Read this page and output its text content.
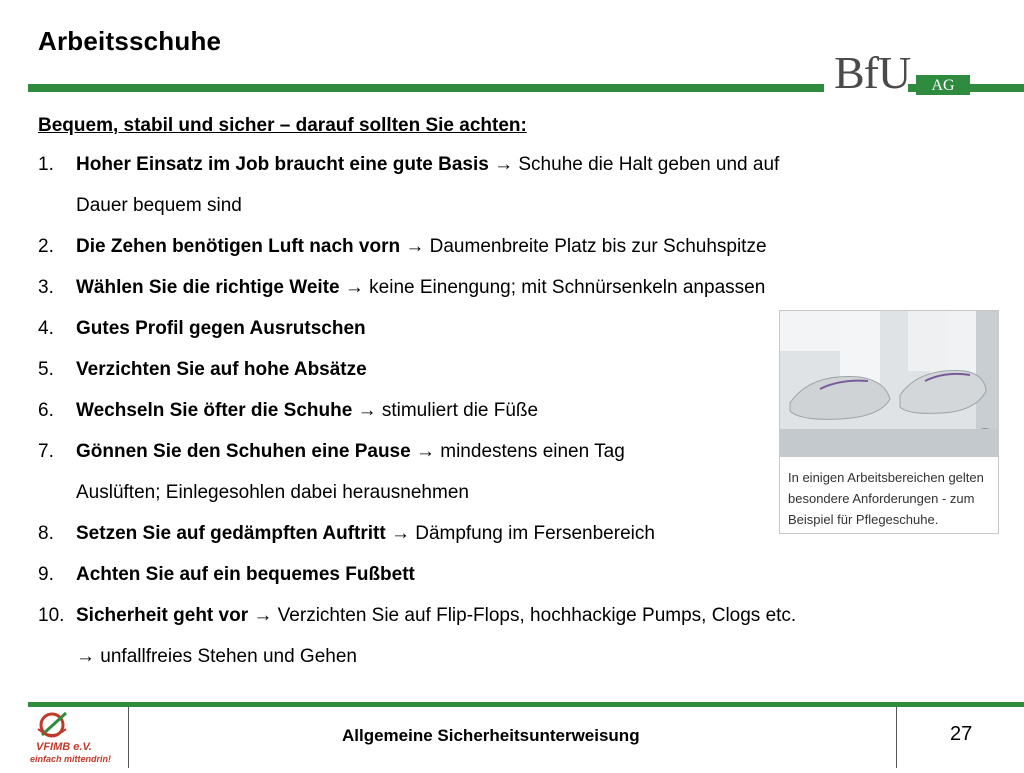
Arbeitsschuhe
BfU	AG
Bequem, stabil und sicher – darauf sollten Sie achten:
1. Hoher Einsatz im Job braucht eine gute Basis → Schuhe die Halt geben und auf
Dauer bequem sind
2. Die Zehen benötigen Luft nach vorn → Daumenbreite Platz bis zur Schuhspitze
3. Wählen Sie die richtige Weite → keine Einengung; mit Schnürsenkeln anpassen
4. Gutes Profil gegen Ausrutschen
5. Verzichten Sie auf hohe Absätze
6. Wechseln Sie öfter die Schuhe → stimuliert die Füße
7. Gönnen Sie den Schuhen eine Pause → mindestens einen Tag
Auslüften; Einlegesohlen dabei herausnehmen
8. Setzen Sie auf gedämpften Auftritt → Dämpfung im Fersenbereich
9. Achten Sie auf ein bequemes Fußbett
10. Sicherheit geht vor → Verzichten Sie auf Flip-Flops, hochhackige Pumps, Clogs etc.
→ unfallfreies Stehen und Gehen
In einigen Arbeitsbereichen gelten besondere Anforderungen - zum Beispiel für Pflegeschuhe.
VFIMB e.V.
einfach mittendrin!
Allgemeine Sicherheitsunterweisung	27
